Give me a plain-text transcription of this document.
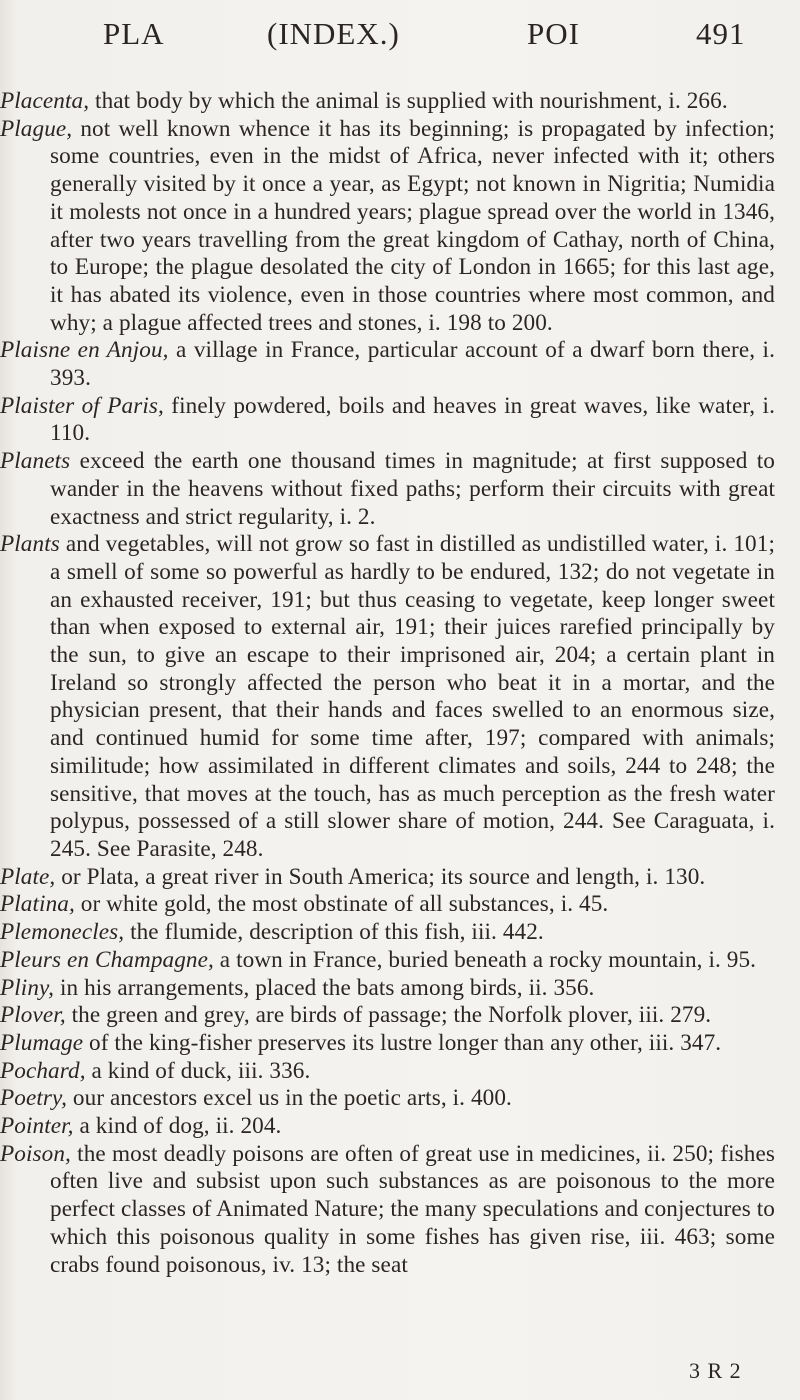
PLA	(INDEX.)	POI	491

Placenta, that body by which the animal is supplied with nourishment, i. 266.

Plague, not well known whence it has its beginning; is propagated by infection; some countries, even in the midst of Africa, never infected with it; others generally visited by it once a year, as Egypt; not known in Nigritia; Numidia it molests not once in a hundred years; plague spread over the world in 1346, after two years travelling from the great kingdom of Cathay, north of China, to Europe; the plague desolated the city of London in 1665; for this last age, it has abated its violence, even in those countries where most common, and why; a plague affected trees and stones, i. 198 to 200.

Plaisne en Anjou, a village in France, particular account of a dwarf born there, i. 393.

Plaister of Paris, finely powdered, boils and heaves in great waves, like water, i. 110.

Planets exceed the earth one thousand times in magnitude; at first supposed to wander in the heavens without fixed paths; perform their circuits with great exactness and strict regularity, i. 2.

Plants and vegetables, will not grow so fast in distilled as undistilled water, i. 101; a smell of some so powerful as hardly to be endured, 132; do not vegetate in an exhausted receiver, 191; but thus ceasing to vegetate, keep longer sweet than when exposed to external air, 191; their juices rarefied principally by the sun, to give an escape to their imprisoned air, 204; a certain plant in Ireland so strongly affected the person who beat it in a mortar, and the physician present, that their hands and faces swelled to an enormous size, and continued humid for some time after, 197; compared with animals; similitude; how assimilated in different climates and soils, 244 to 248; the sensitive, that moves at the touch, has as much perception as the fresh water polypus, possessed of a still slower share of motion, 244. See Caraguata, i. 245. See Parasite, 248.

Plate, or Plata, a great river in South America; its source and length, i. 130.

Platina, or white gold, the most obstinate of all substances, i. 45.

Plemonecles, the flumide, description of this fish, iii. 442.

Pleurs en Champagne, a town in France, buried beneath a rocky mountain, i. 95.

Pliny, in his arrangements, placed the bats among birds, ii. 356.

Plover, the green and grey, are birds of passage; the Norfolk plover, iii. 279.

Plumage of the king-fisher preserves its lustre longer than any other, iii. 347.

Pochard, a kind of duck, iii. 336.

Poetry, our ancestors excel us in the poetic arts, i. 400.

Pointer, a kind of dog, ii. 204.

Poison, the most deadly poisons are often of great use in medicines, ii. 250; fishes often live and subsist upon such substances as are poisonous to the more perfect classes of Animated Nature; the many speculations and conjectures to which this poisonous quality in some fishes has given rise, iii. 463; some crabs found poisonous, iv. 13; the seat

3 R 2
